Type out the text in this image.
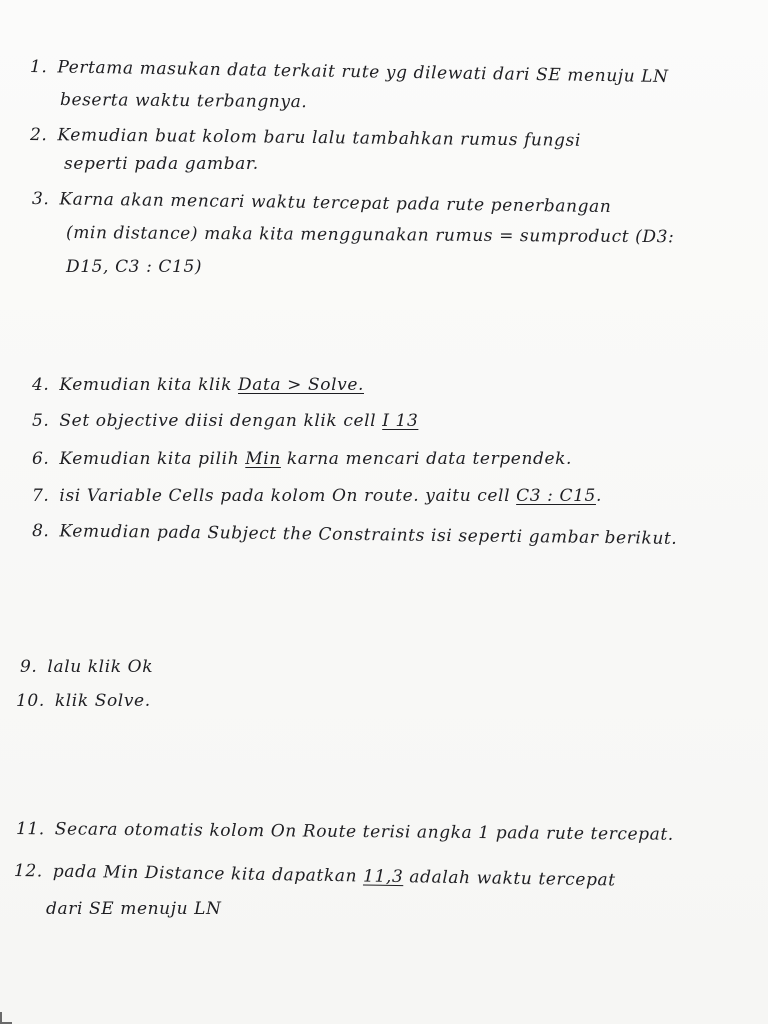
1. Pertama masukan data terkait rute yg dilewati dari SE menuju LN
beserta waktu terbangnya.
2. Kemudian buat kolom baru lalu tambahkan rumus fungsi
seperti pada gambar.
3. Karna akan mencari waktu tercepat pada rute penerbangan
(min distance) maka kita menggunakan rumus = sumproduct (D3:
D15, C3 : C15)
4. Kemudian kita klik Data > Solve.
5. Set objective diisi dengan klik cell I 13
6. Kemudian kita pilih Min karna mencari data terpendek.
7. isi Variable Cells pada kolom On route. yaitu cell C3 : C15.
8. Kemudian pada Subject the Constraints isi seperti gambar berikut.
9. lalu klik Ok
10. klik Solve.
11. Secara otomatis kolom On Route terisi angka 1 pada rute tercepat.
12. pada Min Distance kita dapatkan 11,3 adalah waktu tercepat
dari SE menuju LN
